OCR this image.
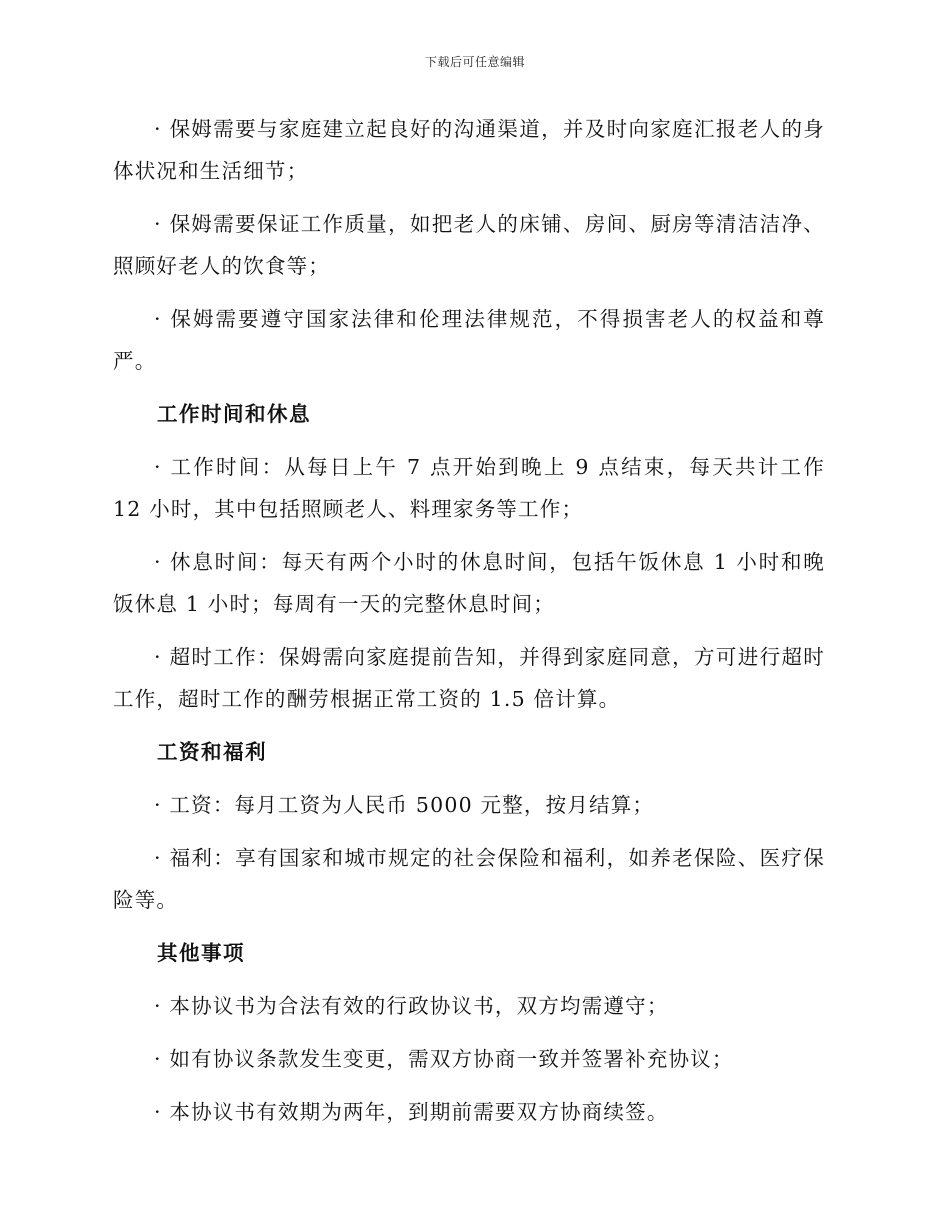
下载后可任意编辑

· 保姆需要与家庭建立起良好的沟通渠道，并及时向家庭汇报老人的身体状况和生活细节；

· 保姆需要保证工作质量，如把老人的床铺、房间、厨房等清洁洁净、照顾好老人的饮食等；

· 保姆需要遵守国家法律和伦理法律规范，不得损害老人的权益和尊严。

工作时间和休息

· 工作时间：从每日上午 7 点开始到晚上 9 点结束，每天共计工作 12 小时，其中包括照顾老人、料理家务等工作；

· 休息时间：每天有两个小时的休息时间，包括午饭休息 1 小时和晚饭休息 1 小时；每周有一天的完整休息时间；

· 超时工作：保姆需向家庭提前告知，并得到家庭同意，方可进行超时工作，超时工作的酬劳根据正常工资的 1.5 倍计算。

工资和福利

· 工资：每月工资为人民币 5000 元整，按月结算；

· 福利：享有国家和城市规定的社会保险和福利，如养老保险、医疗保险等。

其他事项

· 本协议书为合法有效的行政协议书，双方均需遵守；

· 如有协议条款发生变更，需双方协商一致并签署补充协议；

· 本协议书有效期为两年，到期前需要双方协商续签。
